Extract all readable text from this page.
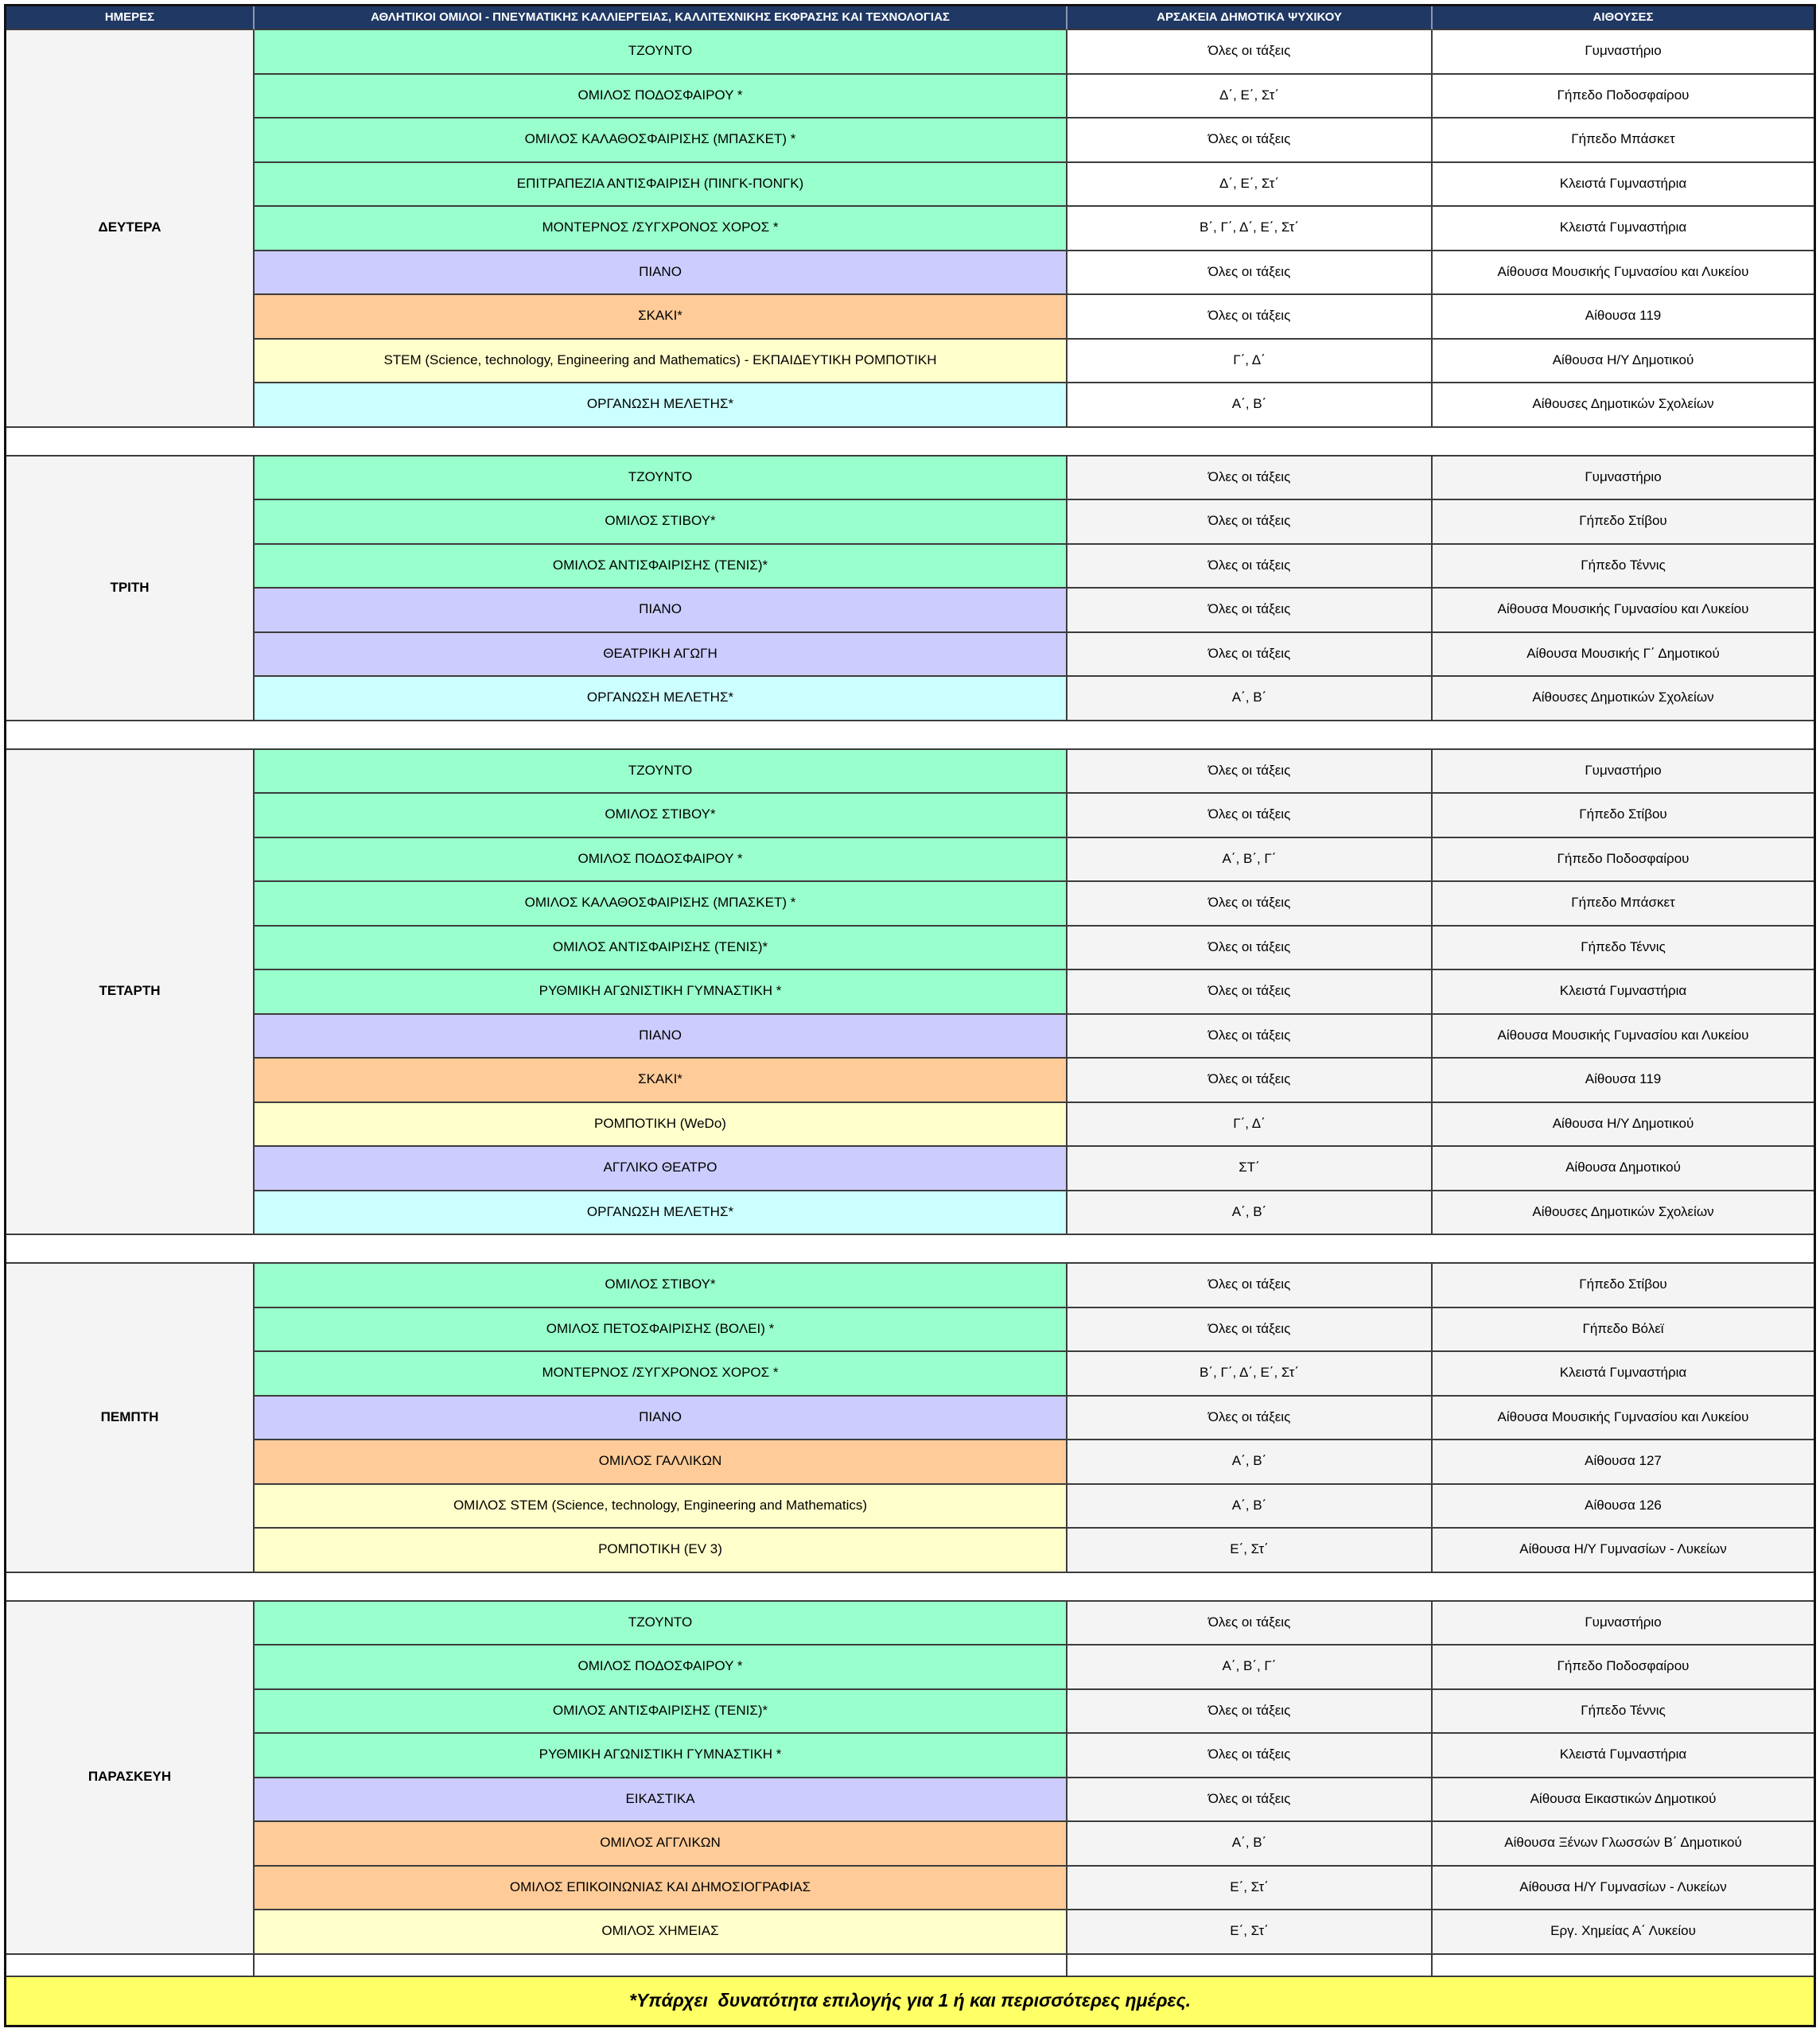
ΗΜΕΡΕΣ	ΑΘΛΗΤΙΚΟΙ ΟΜΙΛΟΙ - ΠΝΕΥΜΑΤΙΚΗΣ ΚΑΛΛΙΕΡΓΕΙΑΣ, ΚΑΛΛΙΤΕΧΝΙΚΗΣ ΕΚΦΡΑΣΗΣ ΚΑΙ ΤΕΧΝΟΛΟΓΙΑΣ	ΑΡΣΑΚΕΙΑ ΔΗΜΟΤΙΚΑ ΨΥΧΙΚΟΥ	ΑΙΘΟΥΣΕΣ
ΔΕΥΤΕΡΑ
ΤΖΟΥΝΤΟ	Όλες οι τάξεις	Γυμναστήριο
ΟΜΙΛΟΣ ΠΟΔΟΣΦΑΙΡΟΥ *	Δ΄, Ε΄, Στ΄	Γήπεδο Ποδοσφαίρου
ΟΜΙΛΟΣ ΚΑΛΑΘΟΣΦΑΙΡΙΣΗΣ (ΜΠΑΣΚΕΤ) *	Όλες οι τάξεις	Γήπεδο Μπάσκετ
ΕΠΙΤΡΑΠΕΖΙΑ ΑΝΤΙΣΦΑΙΡΙΣΗ (ΠΙΝΓΚ-ΠΟΝΓΚ)	Δ΄, Ε΄, Στ΄	Κλειστά Γυμναστήρια
ΜΟΝΤΕΡΝΟΣ /ΣΥΓΧΡΟΝΟΣ ΧΟΡΟΣ *	Β΄, Γ΄, Δ΄, Ε΄, Στ΄	Κλειστά Γυμναστήρια
ΠΙΑΝΟ	Όλες οι τάξεις	Αίθουσα Μουσικής Γυμνασίου και Λυκείου
ΣΚΑΚΙ*	Όλες οι τάξεις	Αίθουσα 119
STEM (Science, technology, Engineering and Mathematics) - ΕΚΠΑΙΔΕΥΤΙΚΗ ΡΟΜΠΟΤΙΚΗ	Γ΄, Δ΄	Αίθουσα Η/Υ Δημοτικού
ΟΡΓΑΝΩΣΗ ΜΕΛΕΤΗΣ*	Α΄, Β΄	Αίθουσες Δημοτικών Σχολείων
ΤΡΙΤΗ
ΤΖΟΥΝΤΟ	Όλες οι τάξεις	Γυμναστήριο
ΟΜΙΛΟΣ ΣΤΙΒΟΥ*	Όλες οι τάξεις	Γήπεδο Στίβου
ΟΜΙΛΟΣ ΑΝΤΙΣΦΑΙΡΙΣΗΣ (ΤΕΝΙΣ)*	Όλες οι τάξεις	Γήπεδο Τέννις
ΠΙΑΝΟ	Όλες οι τάξεις	Αίθουσα Μουσικής Γυμνασίου και Λυκείου
ΘΕΑΤΡΙΚΗ ΑΓΩΓΗ	Όλες οι τάξεις	Αίθουσα Μουσικής Γ΄ Δημοτικού
ΟΡΓΑΝΩΣΗ ΜΕΛΕΤΗΣ*	Α΄, Β΄	Αίθουσες Δημοτικών Σχολείων
ΤΕΤΑΡΤΗ
ΤΖΟΥΝΤΟ	Όλες οι τάξεις	Γυμναστήριο
ΟΜΙΛΟΣ ΣΤΙΒΟΥ*	Όλες οι τάξεις	Γήπεδο Στίβου
ΟΜΙΛΟΣ ΠΟΔΟΣΦΑΙΡΟΥ *	Α΄, Β΄, Γ΄	Γήπεδο Ποδοσφαίρου
ΟΜΙΛΟΣ ΚΑΛΑΘΟΣΦΑΙΡΙΣΗΣ (ΜΠΑΣΚΕΤ) *	Όλες οι τάξεις	Γήπεδο Μπάσκετ
ΟΜΙΛΟΣ ΑΝΤΙΣΦΑΙΡΙΣΗΣ (ΤΕΝΙΣ)*	Όλες οι τάξεις	Γήπεδο Τέννις
ΡΥΘΜΙΚΗ ΑΓΩΝΙΣΤΙΚΗ ΓΥΜΝΑΣΤΙΚΗ *	Όλες οι τάξεις	Κλειστά Γυμναστήρια
ΠΙΑΝΟ	Όλες οι τάξεις	Αίθουσα Μουσικής Γυμνασίου και Λυκείου
ΣΚΑΚΙ*	Όλες οι τάξεις	Αίθουσα 119
ΡΟΜΠΟΤΙΚΗ (WeDo)	Γ΄, Δ΄	Αίθουσα Η/Υ Δημοτικού
ΑΓΓΛΙΚΟ ΘΕΑΤΡΟ	ΣΤ΄	Αίθουσα Δημοτικού
ΟΡΓΑΝΩΣΗ ΜΕΛΕΤΗΣ*	Α΄, Β΄	Αίθουσες Δημοτικών Σχολείων
ΠΕΜΠΤΗ
ΟΜΙΛΟΣ ΣΤΙΒΟΥ*	Όλες οι τάξεις	Γήπεδο Στίβου
ΟΜΙΛΟΣ ΠΕΤΟΣΦΑΙΡΙΣΗΣ (ΒΟΛΕΙ) *	Όλες οι τάξεις	Γήπεδο Βόλεϊ
ΜΟΝΤΕΡΝΟΣ /ΣΥΓΧΡΟΝΟΣ ΧΟΡΟΣ *	Β΄, Γ΄, Δ΄, Ε΄, Στ΄	Κλειστά Γυμναστήρια
ΠΙΑΝΟ	Όλες οι τάξεις	Αίθουσα Μουσικής Γυμνασίου και Λυκείου
ΟΜΙΛΟΣ ΓΑΛΛΙΚΩΝ	Α΄, Β΄	Αίθουσα 127
ΟΜΙΛΟΣ STEM (Science, technology, Engineering and Mathematics)	Α΄, Β΄	Αίθουσα 126
ΡΟΜΠΟΤΙΚΗ (EV 3)	Ε΄, Στ΄	Αίθουσα Η/Υ Γυμνασίων - Λυκείων
ΠΑΡΑΣΚΕΥΗ
ΤΖΟΥΝΤΟ	Όλες οι τάξεις	Γυμναστήριο
ΟΜΙΛΟΣ ΠΟΔΟΣΦΑΙΡΟΥ *	Α΄, Β΄, Γ΄	Γήπεδο Ποδοσφαίρου
ΟΜΙΛΟΣ ΑΝΤΙΣΦΑΙΡΙΣΗΣ (ΤΕΝΙΣ)*	Όλες οι τάξεις	Γήπεδο Τέννις
ΡΥΘΜΙΚΗ ΑΓΩΝΙΣΤΙΚΗ ΓΥΜΝΑΣΤΙΚΗ *	Όλες οι τάξεις	Κλειστά Γυμναστήρια
ΕΙΚΑΣΤΙΚΑ	Όλες οι τάξεις	Αίθουσα Εικαστικών Δημοτικού
ΟΜΙΛΟΣ ΑΓΓΛΙΚΩΝ	Α΄, Β΄	Αίθουσα Ξένων Γλωσσών Β΄ Δημοτικού
ΟΜΙΛΟΣ ΕΠΙΚΟΙΝΩΝΙΑΣ ΚΑΙ ΔΗΜΟΣΙΟΓΡΑΦΙΑΣ	Ε΄, Στ΄	Αίθουσα Η/Υ Γυμνασίων - Λυκείων
ΟΜΙΛΟΣ ΧΗΜΕΙΑΣ	Ε΄, Στ΄	Εργ. Χημείας Α΄ Λυκείου
*Υπάρχει  δυνατότητα επιλογής για 1 ή και περισσότερες ημέρες.
